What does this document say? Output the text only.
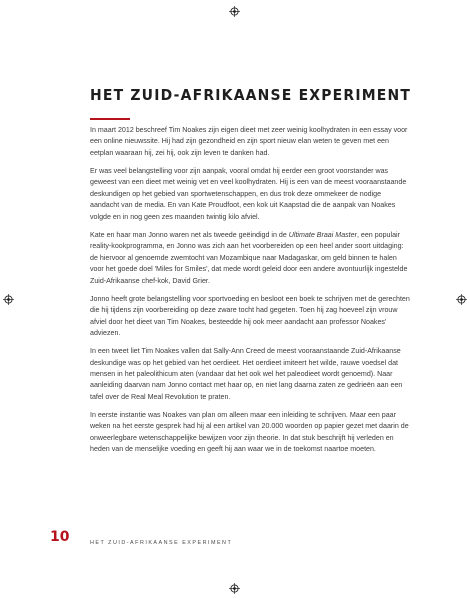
HET ZUID-AFRIKAANSE EXPERIMENT

In maart 2012 beschreef Tim Noakes zijn eigen dieet met zeer weinig koolhydraten in een essay voor een online nieuwssite. Hij had zijn gezondheid en zijn sport nieuw elan weten te geven met een eetplan waaraan hij, zei hij, ook zijn leven te danken had.

Er was veel belangstelling voor zijn aanpak, vooral omdat hij eerder een groot voorstander was geweest van een dieet met weinig vet en veel koolhydraten. Hij is een van de meest vooraanstaande deskundigen op het gebied van sportwetenschappen, en dus trok deze ommekeer de nodige aandacht van de media. En van Kate Proudfoot, een kok uit Kaapstad die de aanpak van Noakes volgde en in nog geen zes maanden twintig kilo afviel.

Kate en haar man Jonno waren net als tweede geëindigd in de Ultimate Braai Master, een populair reality-kookprogramma, en Jonno was zich aan het voorbereiden op een heel ander soort uitdaging: de hiervoor al genoemde zwemtocht van Mozambique naar Madagaskar, om geld binnen te halen voor het goede doel 'Miles for Smiles', dat mede wordt geleid door een andere avontuurlijk ingestelde Zuid-Afrikaanse chef-kok, David Grier.

Jonno heeft grote belangstelling voor sportvoeding en besloot een boek te schrijven met de gerechten die hij tijdens zijn voorbereiding op deze zware tocht had gegeten. Toen hij zag hoeveel zijn vrouw afviel door het dieet van Tim Noakes, besteedde hij ook meer aandacht aan professor Noakes' adviezen.

In een tweet liet Tim Noakes vallen dat Sally-Ann Creed de meest vooraanstaande Zuid-Afrikaanse deskundige was op het gebied van het oerdieet. Het oerdieet imiteert het wilde, rauwe voedsel dat mensen in het paleolithicum aten (vandaar dat het ook wel het paleodieet wordt genoemd). Naar aanleiding daarvan nam Jonno contact met haar op, en niet lang daarna zaten ze gedrieën aan een tafel over de Real Meal Revolution te praten.

In eerste instantie was Noakes van plan om alleen maar een inleiding te schrijven. Maar een paar weken na het eerste gesprek had hij al een artikel van 20.000 woorden op papier gezet met daarin de onweerlegbare wetenschappelijke bewijzen voor zijn theorie. In dat stuk beschrijft hij verleden en heden van de menselijke voeding en geeft hij aan waar we in de toekomst naartoe moeten.

10	HET ZUID-AFRIKAANSE EXPERIMENT
